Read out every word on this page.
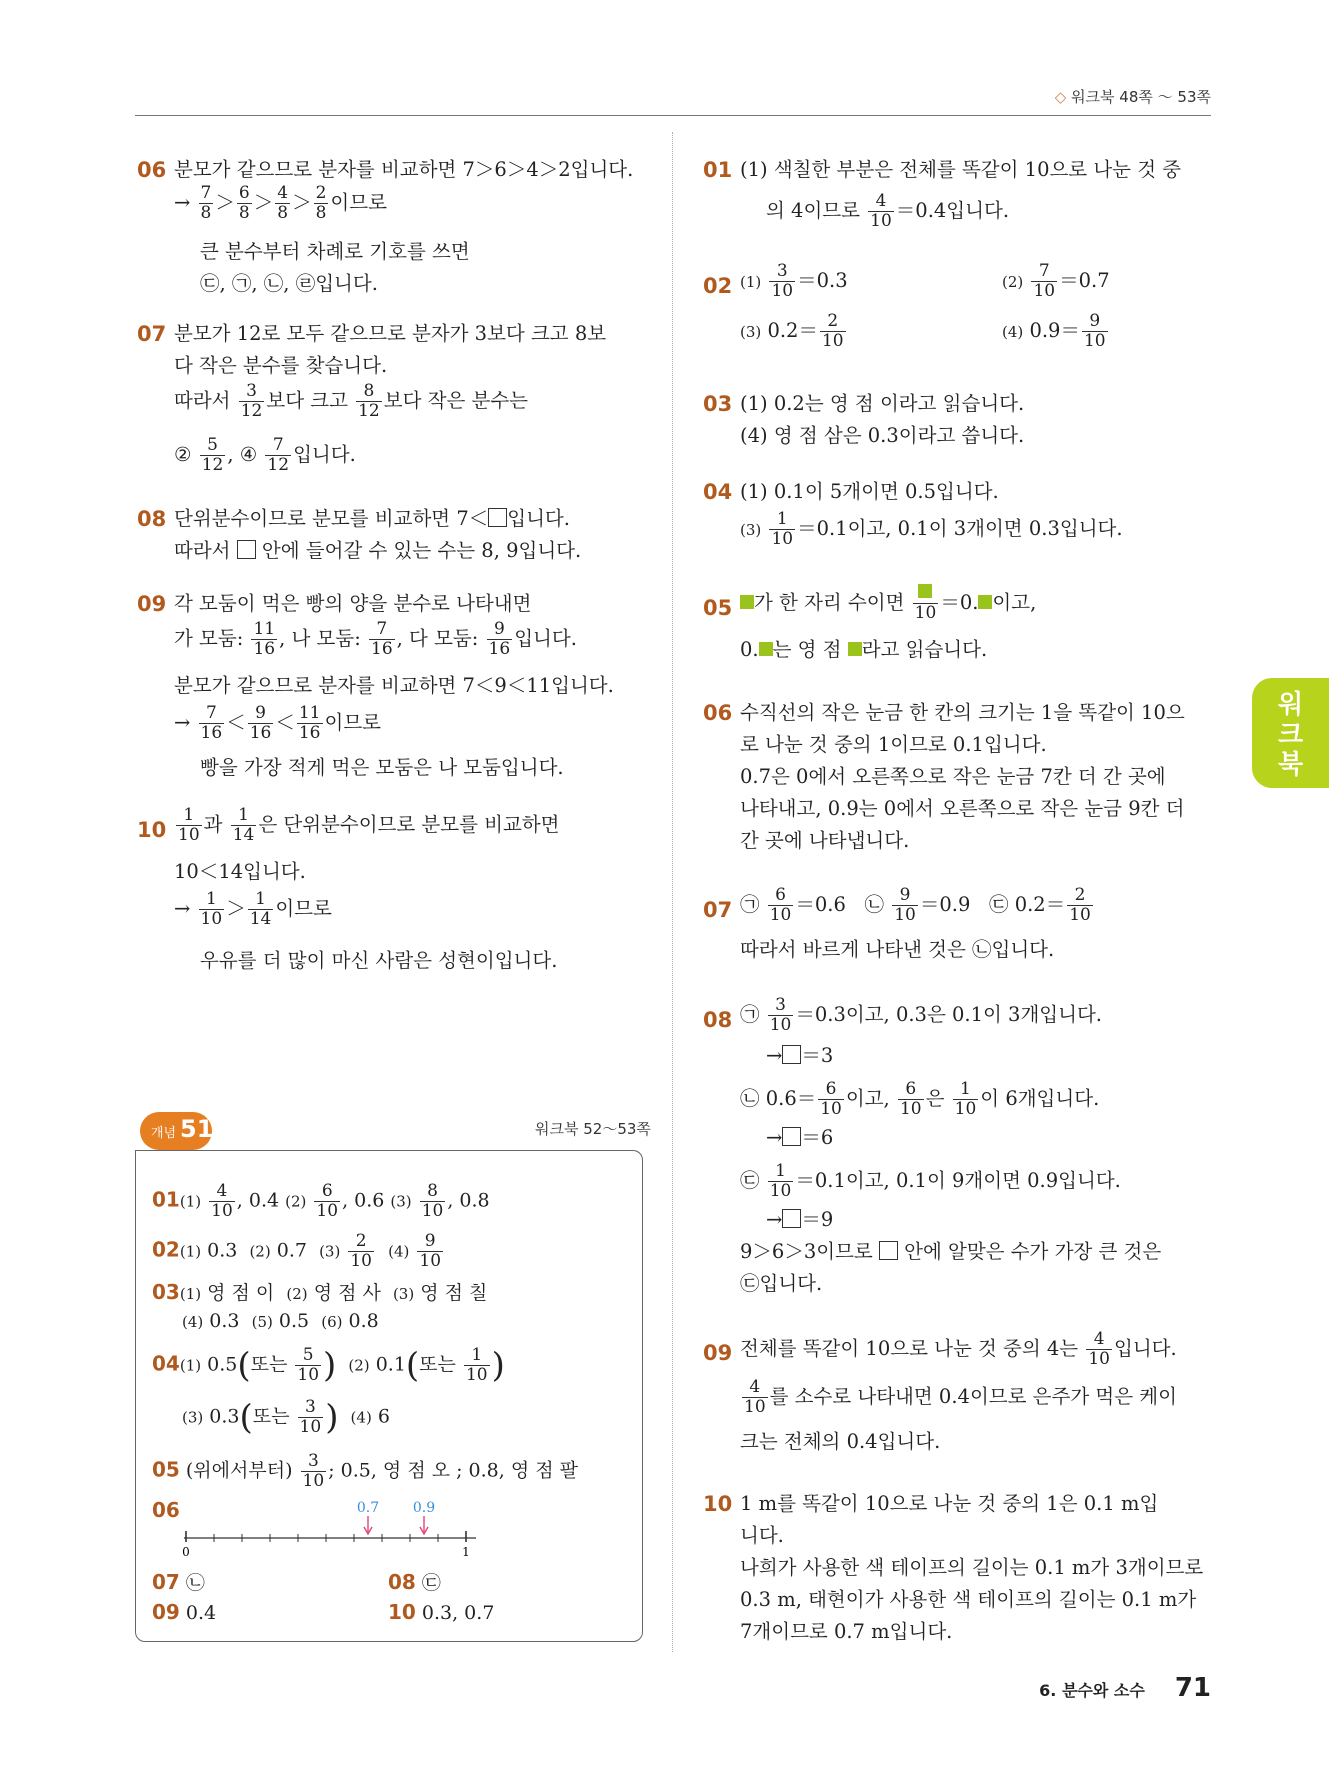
◇ 워크북 48쪽 ～ 53쪽
06 분모가 같으므로 분자를 비교하면 7＞6＞4＞2입니다.
→ $\frac{7}{8} > \frac{6}{8} > \frac{4}{8} > \frac{2}{8}$ 이므로
큰 분수부터 차례로 기호를 쓰면
㉢, ㉠, ㉡, ㉣입니다.
07 분모가 12로 모두 같으므로 분자가 3보다 크고 8보
다 작은 분수를 찾습니다.
따라서 $\frac{3}{12}$ 보다 크고 $\frac{8}{12}$ 보다 작은 분수는
② $\frac{5}{12}$ , ④ $\frac{7}{12}$ 입니다.
08 단위분수이므로 분모를 비교하면 7＜ 입니다.
따라서 안에 들어갈 수 있는 수는 8, 9입니다.
09 각 모둠이 먹은 빵의 양을 분수로 나타내면
가 모둠: $\frac{11}{16}$ , 나 모둠: $\frac{7}{16}$ , 다 모둠: $\frac{9}{16}$ 입니다.
분모가 같으므로 분자를 비교하면 7＜9＜11입니다.
→ $\frac{7}{16} < \frac{9}{16} < \frac{11}{16}$ 이므로
빵을 가장 적게 먹은 모둠은 나 모둠입니다.
$10 \frac{1}{10}$ 과 $\frac{1}{14}$ 은 단위분수이므로 분모를 비교하면
10＜14입니다.
→ $\frac{1}{10} > \frac{1}{14}$ 이므로
우유를 더 많이 마신 사람은 성현이입니다.
개념 51	워크북 52～53쪽
$01(1) \frac{4}{10}$ , 0.4 $(2) \frac{6}{10}$ , 0.6 $(3) \frac{8}{10}$ , 0.8
02(1) 0.3 (2) 0.7 $(3) \frac{2}{10} (4) \frac{9}{10}$
03(1) 영 점 이 (2) 영 점 사 (3) 영 점 칠
(4) 0.3 (5) 0.5 (6) 0.8
04(1) 0.5(또는 $\frac{5}{10}$ ) (2) 0.1(또는 $\frac{1}{10}$ )
(3) 0.3(또는 $\frac{3}{10}$ ) (4) 6
05 (위에서부터) $\frac{3}{10}$ ; 0.5, 영 점 오 ; 0.8, 영 점 팔
06	0.7 0.9
0	1
07 ㉡	08 ㉢
09 0.4	10 0.3, 0.7
01 (1) 색칠한 부분은 전체를 똑같이 10으로 나눈 것 중
의 4이므로 $\frac{4}{10} =0.4$입니다.
02 $(1) \frac{3}{10} =0.3$	$(2) \frac{7}{10} =0.7$
(3) $0.2= \frac{2}{10}$	(4) $0.9= \frac{9}{10}$
03 (1) 0.2는 영 점 이라고 읽습니다.
(4) 영 점 삼은 0.3이라고 씁니다.
04 (1) 0.1이 5개이면 0.5입니다.
$(3) \frac{1}{10} =0.1$이고, 0.1이 3개이면 0.3입니다.
05	가 한 자리 수이면 10 ＝0. 이고,
0. 는 영 점 라고 읽습니다.
06 수직선의 작은 눈금 한 칸의 크기는 1을 똑같이 10으
로 나눈 것 중의 1이므로 0.1입니다.
0.7은 0에서 오른쪽으로 작은 눈금 7칸 더 간 곳에
나타내고, 0.9는 0에서 오른쪽으로 작은 눈금 9칸 더
간 곳에 나타냅니다.
07 ㉠ $\frac{6}{10} =0.6$ ㉡ $\frac{9}{10} =0.9$ ㉢ $0.2= \frac{2}{10}$
따라서 바르게 나타낸 것은 ㉡입니다.
08 ㉠ $\frac{3}{10} =0.3$이고, 0.3은 0.1이 3개입니다.
→ ＝3
㉡ $0.6= \frac{6}{10}$ 이고, $\frac{6}{10}$ 은 $\frac{1}{10}$ 이 6개입니다.
→ ＝6
㉢ $\frac{1}{10} =0.1$이고, 0.1이 9개이면 0.9입니다.
→ ＝9
9＞6＞3이므로 안에 알맞은 수가 가장 큰 것은
㉢입니다.
09 전체를 똑같이 10으로 나눈 것 중의 4는 $\frac{4}{10}$ 입니다.
$\frac{4}{10}$ 를 소수로 나타내면 0.4이므로 은주가 먹은 케이
크는 전체의 0.4입니다.
10 1 m를 똑같이 10으로 나눈 것 중의 1은 0.1 m입
니다.
나희가 사용한 색 테이프의 길이는 0.1 m가 3개이므로
0.3 m, 태현이가 사용한 색 테이프의 길이는 0.1 m가
7개이므로 0.7 m입니다.
워
크
북
6. 분수와 소수 71
